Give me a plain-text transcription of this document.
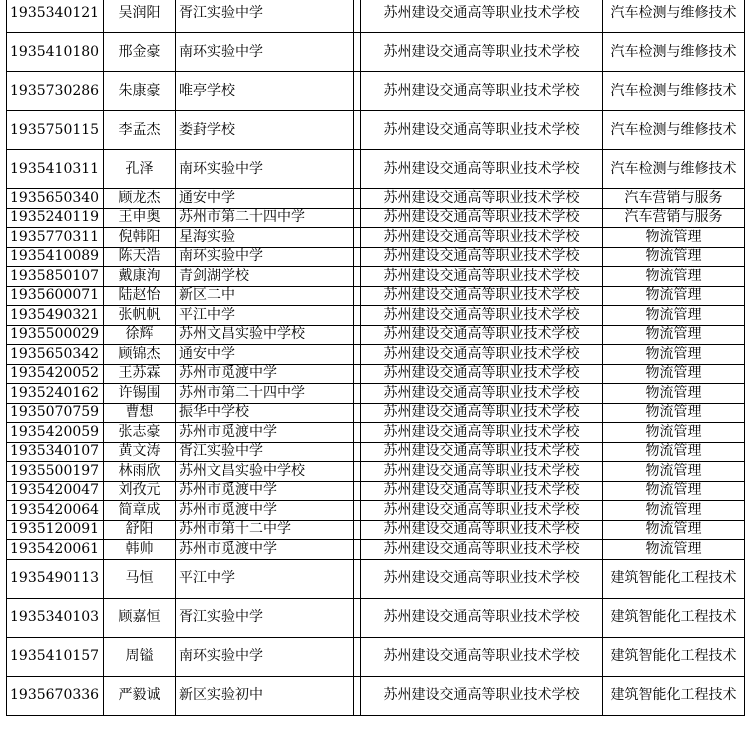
1935340121	吴润阳	胥江实验中学		苏州建设交通高等职业技术学校	汽车检测与维修技术
1935410180	邢金豪	南环实验中学		苏州建设交通高等职业技术学校	汽车检测与维修技术
1935730286	朱康豪	唯亭学校		苏州建设交通高等职业技术学校	汽车检测与维修技术
1935750115	李孟杰	娄葑学校		苏州建设交通高等职业技术学校	汽车检测与维修技术
1935410311	孔泽	南环实验中学		苏州建设交通高等职业技术学校	汽车检测与维修技术
1935650340	顾龙杰	通安中学		苏州建设交通高等职业技术学校	汽车营销与服务
1935240119	王申奥	苏州市第二十四中学		苏州建设交通高等职业技术学校	汽车营销与服务
1935770311	倪韩阳	星海实验		苏州建设交通高等职业技术学校	物流管理
1935410089	陈天浩	南环实验中学		苏州建设交通高等职业技术学校	物流管理
1935850107	戴康洵	青剑湖学校		苏州建设交通高等职业技术学校	物流管理
1935600071	陆赵怡	新区二中		苏州建设交通高等职业技术学校	物流管理
1935490321	张帆帆	平江中学		苏州建设交通高等职业技术学校	物流管理
1935500029	徐辉	苏州文昌实验中学校		苏州建设交通高等职业技术学校	物流管理
1935650342	顾锦杰	通安中学		苏州建设交通高等职业技术学校	物流管理
1935420052	王苏霖	苏州市觅渡中学		苏州建设交通高等职业技术学校	物流管理
1935240162	许锡围	苏州市第二十四中学		苏州建设交通高等职业技术学校	物流管理
1935070759	曹想	振华中学校		苏州建设交通高等职业技术学校	物流管理
1935420059	张志豪	苏州市觅渡中学		苏州建设交通高等职业技术学校	物流管理
1935340107	黄文涛	胥江实验中学		苏州建设交通高等职业技术学校	物流管理
1935500197	林雨欣	苏州文昌实验中学校		苏州建设交通高等职业技术学校	物流管理
1935420047	刘孜元	苏州市觅渡中学		苏州建设交通高等职业技术学校	物流管理
1935420064	简章成	苏州市觅渡中学		苏州建设交通高等职业技术学校	物流管理
1935120091	舒阳	苏州市第十二中学		苏州建设交通高等职业技术学校	物流管理
1935420061	韩帅	苏州市觅渡中学		苏州建设交通高等职业技术学校	物流管理
1935490113	马恒	平江中学		苏州建设交通高等职业技术学校	建筑智能化工程技术
1935340103	顾嘉恒	胥江实验中学		苏州建设交通高等职业技术学校	建筑智能化工程技术
1935410157	周镒	南环实验中学		苏州建设交通高等职业技术学校	建筑智能化工程技术
1935670336	严毅诚	新区实验初中		苏州建设交通高等职业技术学校	建筑智能化工程技术
